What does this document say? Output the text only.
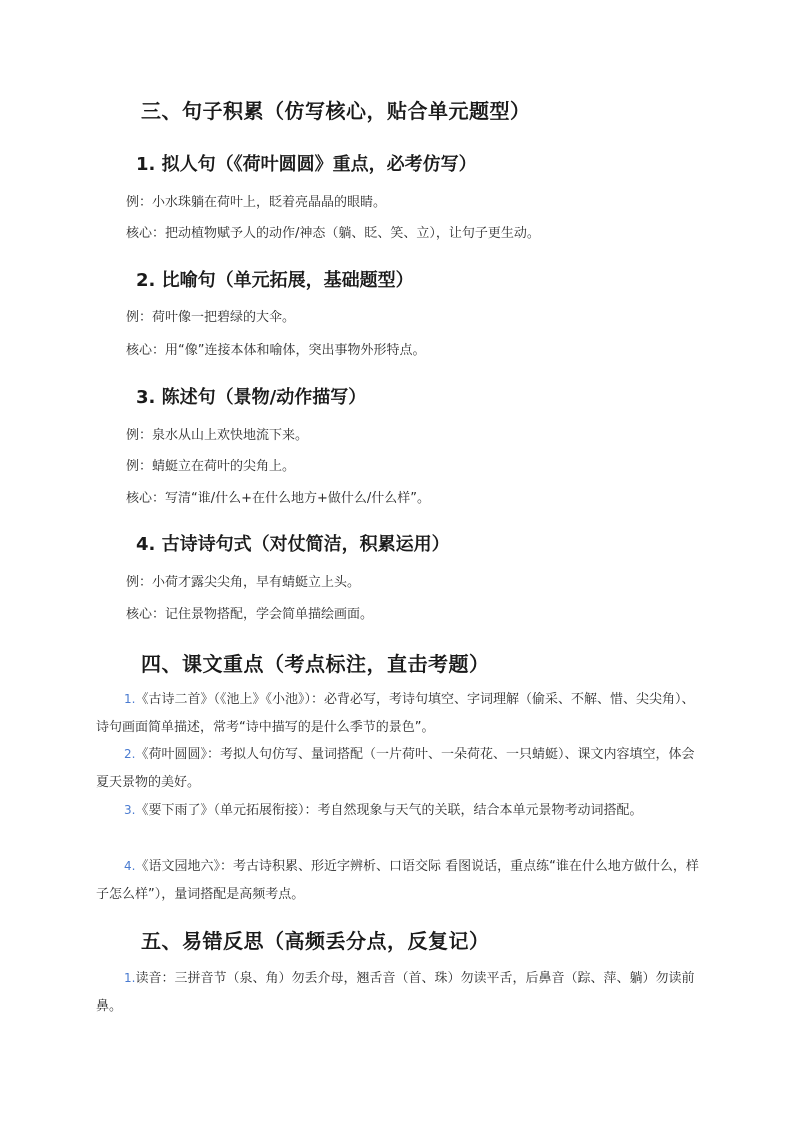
三、句子积累（仿写核心，贴合单元题型）
1. 拟人句（《荷叶圆圆》重点，必考仿写）
例：小水珠躺在荷叶上，眨着亮晶晶的眼睛。
核心：把动植物赋予人的动作/神态（躺、眨、笑、立），让句子更生动。
2. 比喻句（单元拓展，基础题型）
例：荷叶像一把碧绿的大伞。
核心：用“像”连接本体和喻体，突出事物外形特点。
3. 陈述句（景物/动作描写）
例：泉水从山上欢快地流下来。
例：蜻蜓立在荷叶的尖角上。
核心：写清“谁/什么+在什么地方+做什么/什么样”。
4. 古诗诗句式（对仗简洁，积累运用）
例：小荷才露尖尖角，早有蜻蜓立上头。
核心：记住景物搭配，学会简单描绘画面。
四、课文重点（考点标注，直击考题）
1.《古诗二首》（《池上》《小池》）：必背必写，考诗句填空、字词理解（偷采、不解、惜、尖尖角）、诗句画面简单描述，常考“诗中描写的是什么季节的景色”。
2.《荷叶圆圆》：考拟人句仿写、量词搭配（一片荷叶、一朵荷花、一只蜻蜓）、课文内容填空，体会夏天景物的美好。
3.《要下雨了》（单元拓展衔接）：考自然现象与天气的关联，结合本单元景物考动词搭配。
4.《语文园地六》：考古诗积累、形近字辨析、口语交际 看图说话，重点练“谁在什么地方做什么，样子怎么样”），量词搭配是高频考点。
五、易错反思（高频丢分点，反复记）
1.读音：三拼音节（泉、角）勿丢介母，翘舌音（首、珠）勿读平舌，后鼻音（踪、萍、躺）勿读前鼻。
